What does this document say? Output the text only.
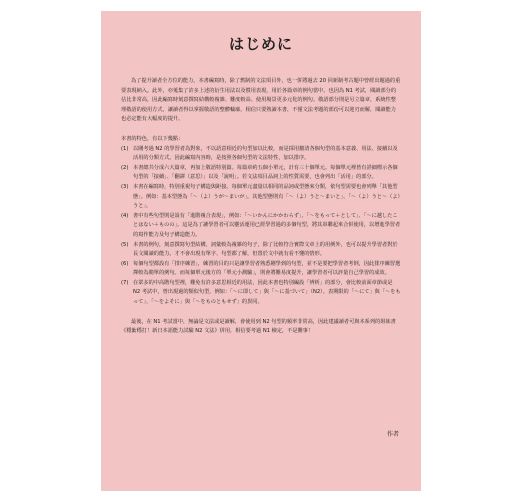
はじめに

為了提升讀者全方位的能力，本書編寫時，除了舊制的文法項目外，也一併將過去 20 回新制考古題中曾經出題過的重要表現納入。此外，亦蒐集了許多上述的衍生用法以及慣用表現，用於各篇章的例句當中。也因為 N1 考試，閱讀部分的佔比非常高，因此編寫時刻意撰寫結構較複雜、難度較高、使用場景更多元化的例句。敬語部分則是另立篇章，系統性整理敬語的使用方式，讓讀者得以掌握敬語的整體輪廓。相信只要熟讀本書，不僅文法考題的部份可以迎刃而解，閱讀能力也必定能有大幅度的提升。

本書的特色，有以下幾點：

(1) 以剛考過 N2 的學習者為對象，不以語意相近的句型加以比較，而是採用釐清各個句型的基本意義、用法、接續以及活用的分類方式。因此編寫內容時，是按照各個句型的文法特性，加以排序。
(2) 本書總共分成六大篇章，再加上敬語特別篇。每篇章約五個小單元，計有三十個單元。每個單元裡皆有詳細標示各個句型的「接續」、「翻譯（意思）」以及「說明」。若文法項目品詞上的性質需要，也會列出「活用」的部分。
(3) 本書在編寫時，特別重視句子構造與距接。每個單元盡量以相同的品詞或型態來分類，依句型需要也會列舉「其他型態」。例如：基本型態為「～（よ）うが～まいが」，其他型態則有「～（よ）うと～まいと」、「～（よ）うと～（よ）うと」。
(4) 書中有些句型則是設有「進階複合表現」，例如：「～いかんにかかわらず」、「～をもって＋として」、「～に越したことはない＋ものの」。這是為了讓學習者可以靈活運用已經學習過的多個句型，將其串聯起來合併使用，以增進學習者的寫作能力及句子構造能力。
(5) 本書的例句，刻意撰寫句型結構、詞彙較為複雜的句子，除了比較符合實際文章上的用例外，也可以提升學習者對於長文閱讀的能力。才不會出現有單字、句型都了解，但置於文中就有看不懂的情形。
(6) 每個句型都設有「排序練習」，練習的目的只是讓學習者熟悉剛學到的句型，並不是要把學習者考倒，因此排序練習選擇較為簡單的例句。而每個單元後方的「單元小測驗」，則會將難易度提升，讓學習者可以評量自己學習的成效。
(7) 在眾多的中高階句型裡，難免有許多意思相近的用法，因此本書也特別編設「辨析」的部分，會比較前面章節或是 N2 考試中，曾出現過的類似句型。例如：「～に即して」與「～に基づいて」（N2）、表期限的「～にて」與「～をもって」、「～をよそに」與「～をものともせず」的異同。

最後，在 N1 考試當中，無論是文法或是讀解，會使用到 N2 句型的頻率非常高，因此建議讀者可與本系列的姐妹書《穩紮穩打！新日本語能力試驗 N2 文法》併用，相信要考過 N1 檢定，不是難事！

作者
